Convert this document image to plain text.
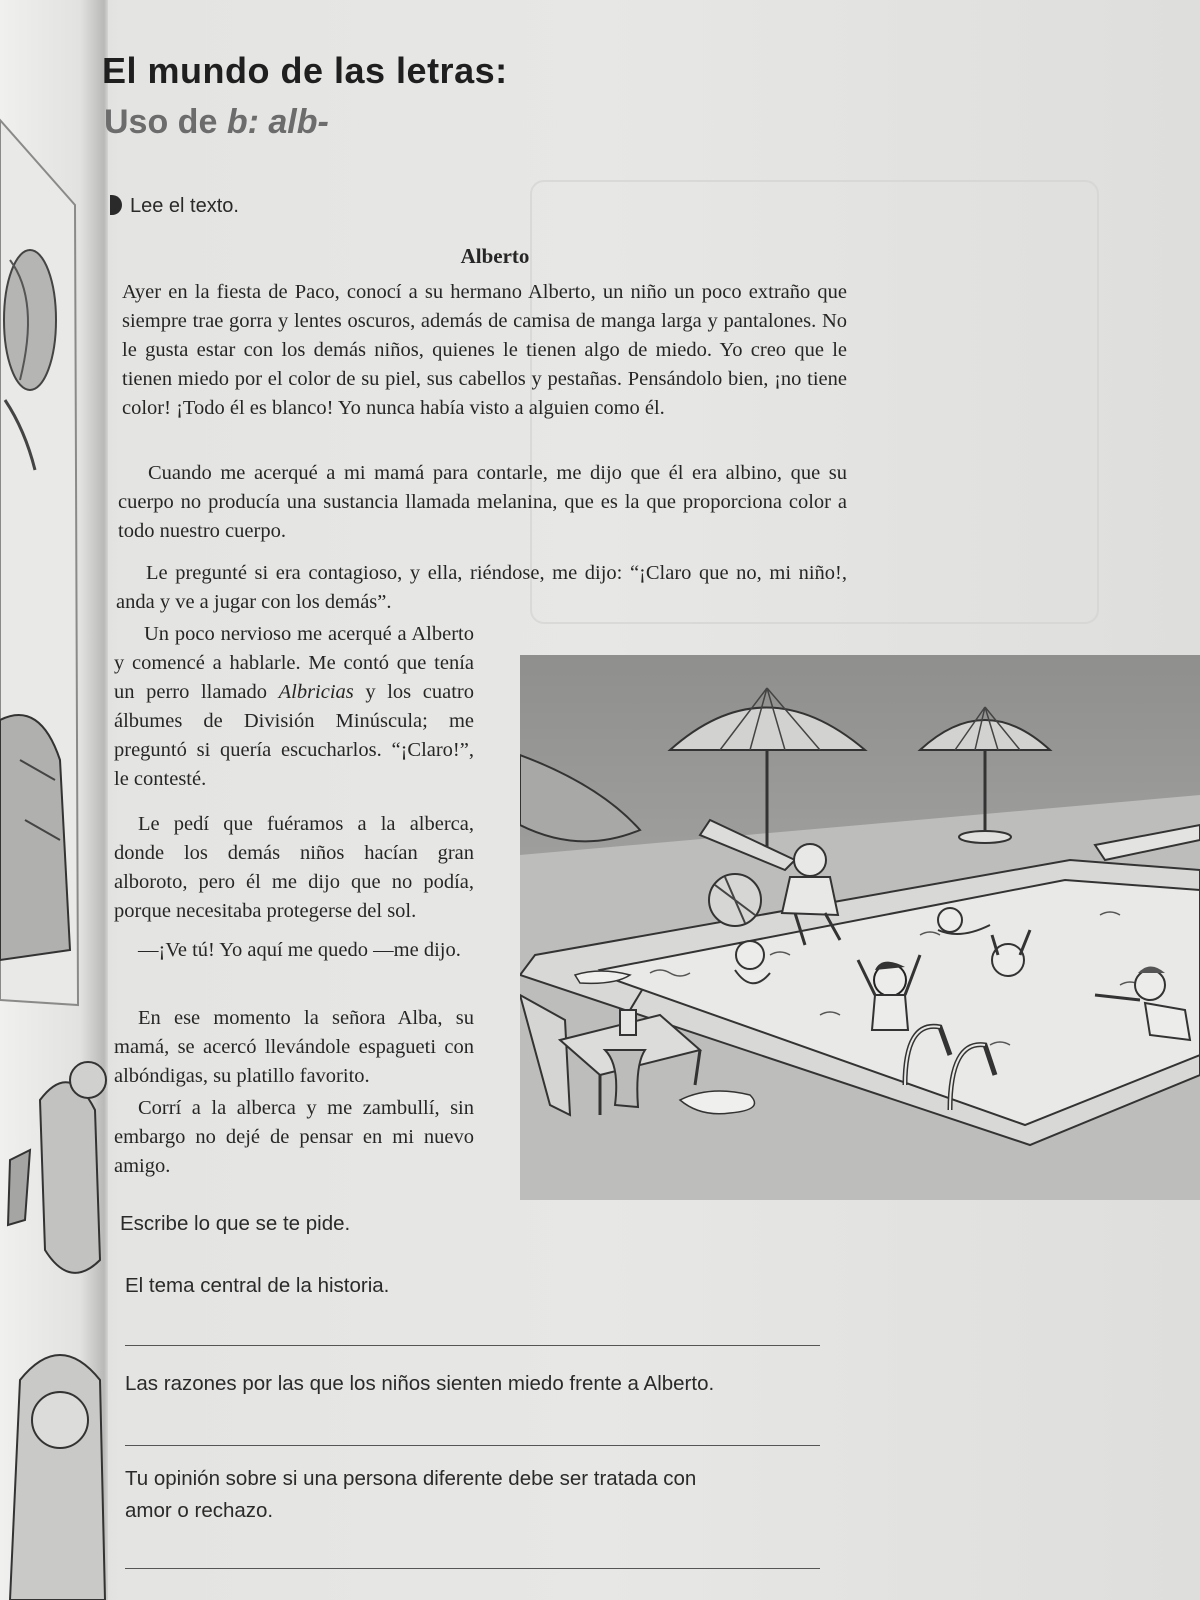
El mundo de las letras:
Uso de b: alb-
Lee el texto.
Alberto

Ayer en la fiesta de Paco, conocí a su hermano Alberto, un niño un poco extraño que siempre trae gorra y lentes oscuros, además de camisa de manga larga y pantalones. No le gusta estar con los demás niños, quienes le tienen algo de miedo. Yo creo que le tienen miedo por el color de su piel, sus cabellos y pestañas. Pensándolo bien, ¡no tiene color! ¡Todo él es blanco! Yo nunca había visto a alguien como él.

Cuando me acerqué a mi mamá para contarle, me dijo que él era albino, que su cuerpo no producía una sustancia llamada melanina, que es la que proporciona color a todo nuestro cuerpo.

Le pregunté si era contagioso, y ella, riéndose, me dijo: “¡Claro que no, mi niño!, anda y ve a jugar con los demás”.

Un poco nervioso me acerqué a Alberto y comencé a hablarle. Me contó que tenía un perro llamado Albricias y los cuatro álbumes de División Minúscula; me preguntó si quería escucharlos. “¡Claro!”, le contesté.

Le pedí que fuéramos a la alberca, donde los demás niños hacían gran alboroto, pero él me dijo que no podía, porque necesitaba protegerse del sol.

—¡Ve tú! Yo aquí me quedo —me dijo.

En ese momento la señora Alba, su mamá, se acercó llevándole espagueti con albóndigas, su platillo favorito.

Corrí a la alberca y me zambullí, sin embargo no dejé de pensar en mi nuevo amigo.

Escribe lo que se te pide.
El tema central de la historia.
Las razones por las que los niños sienten miedo frente a Alberto.
Tu opinión sobre si una persona diferente debe ser tratada con
amor o rechazo.
